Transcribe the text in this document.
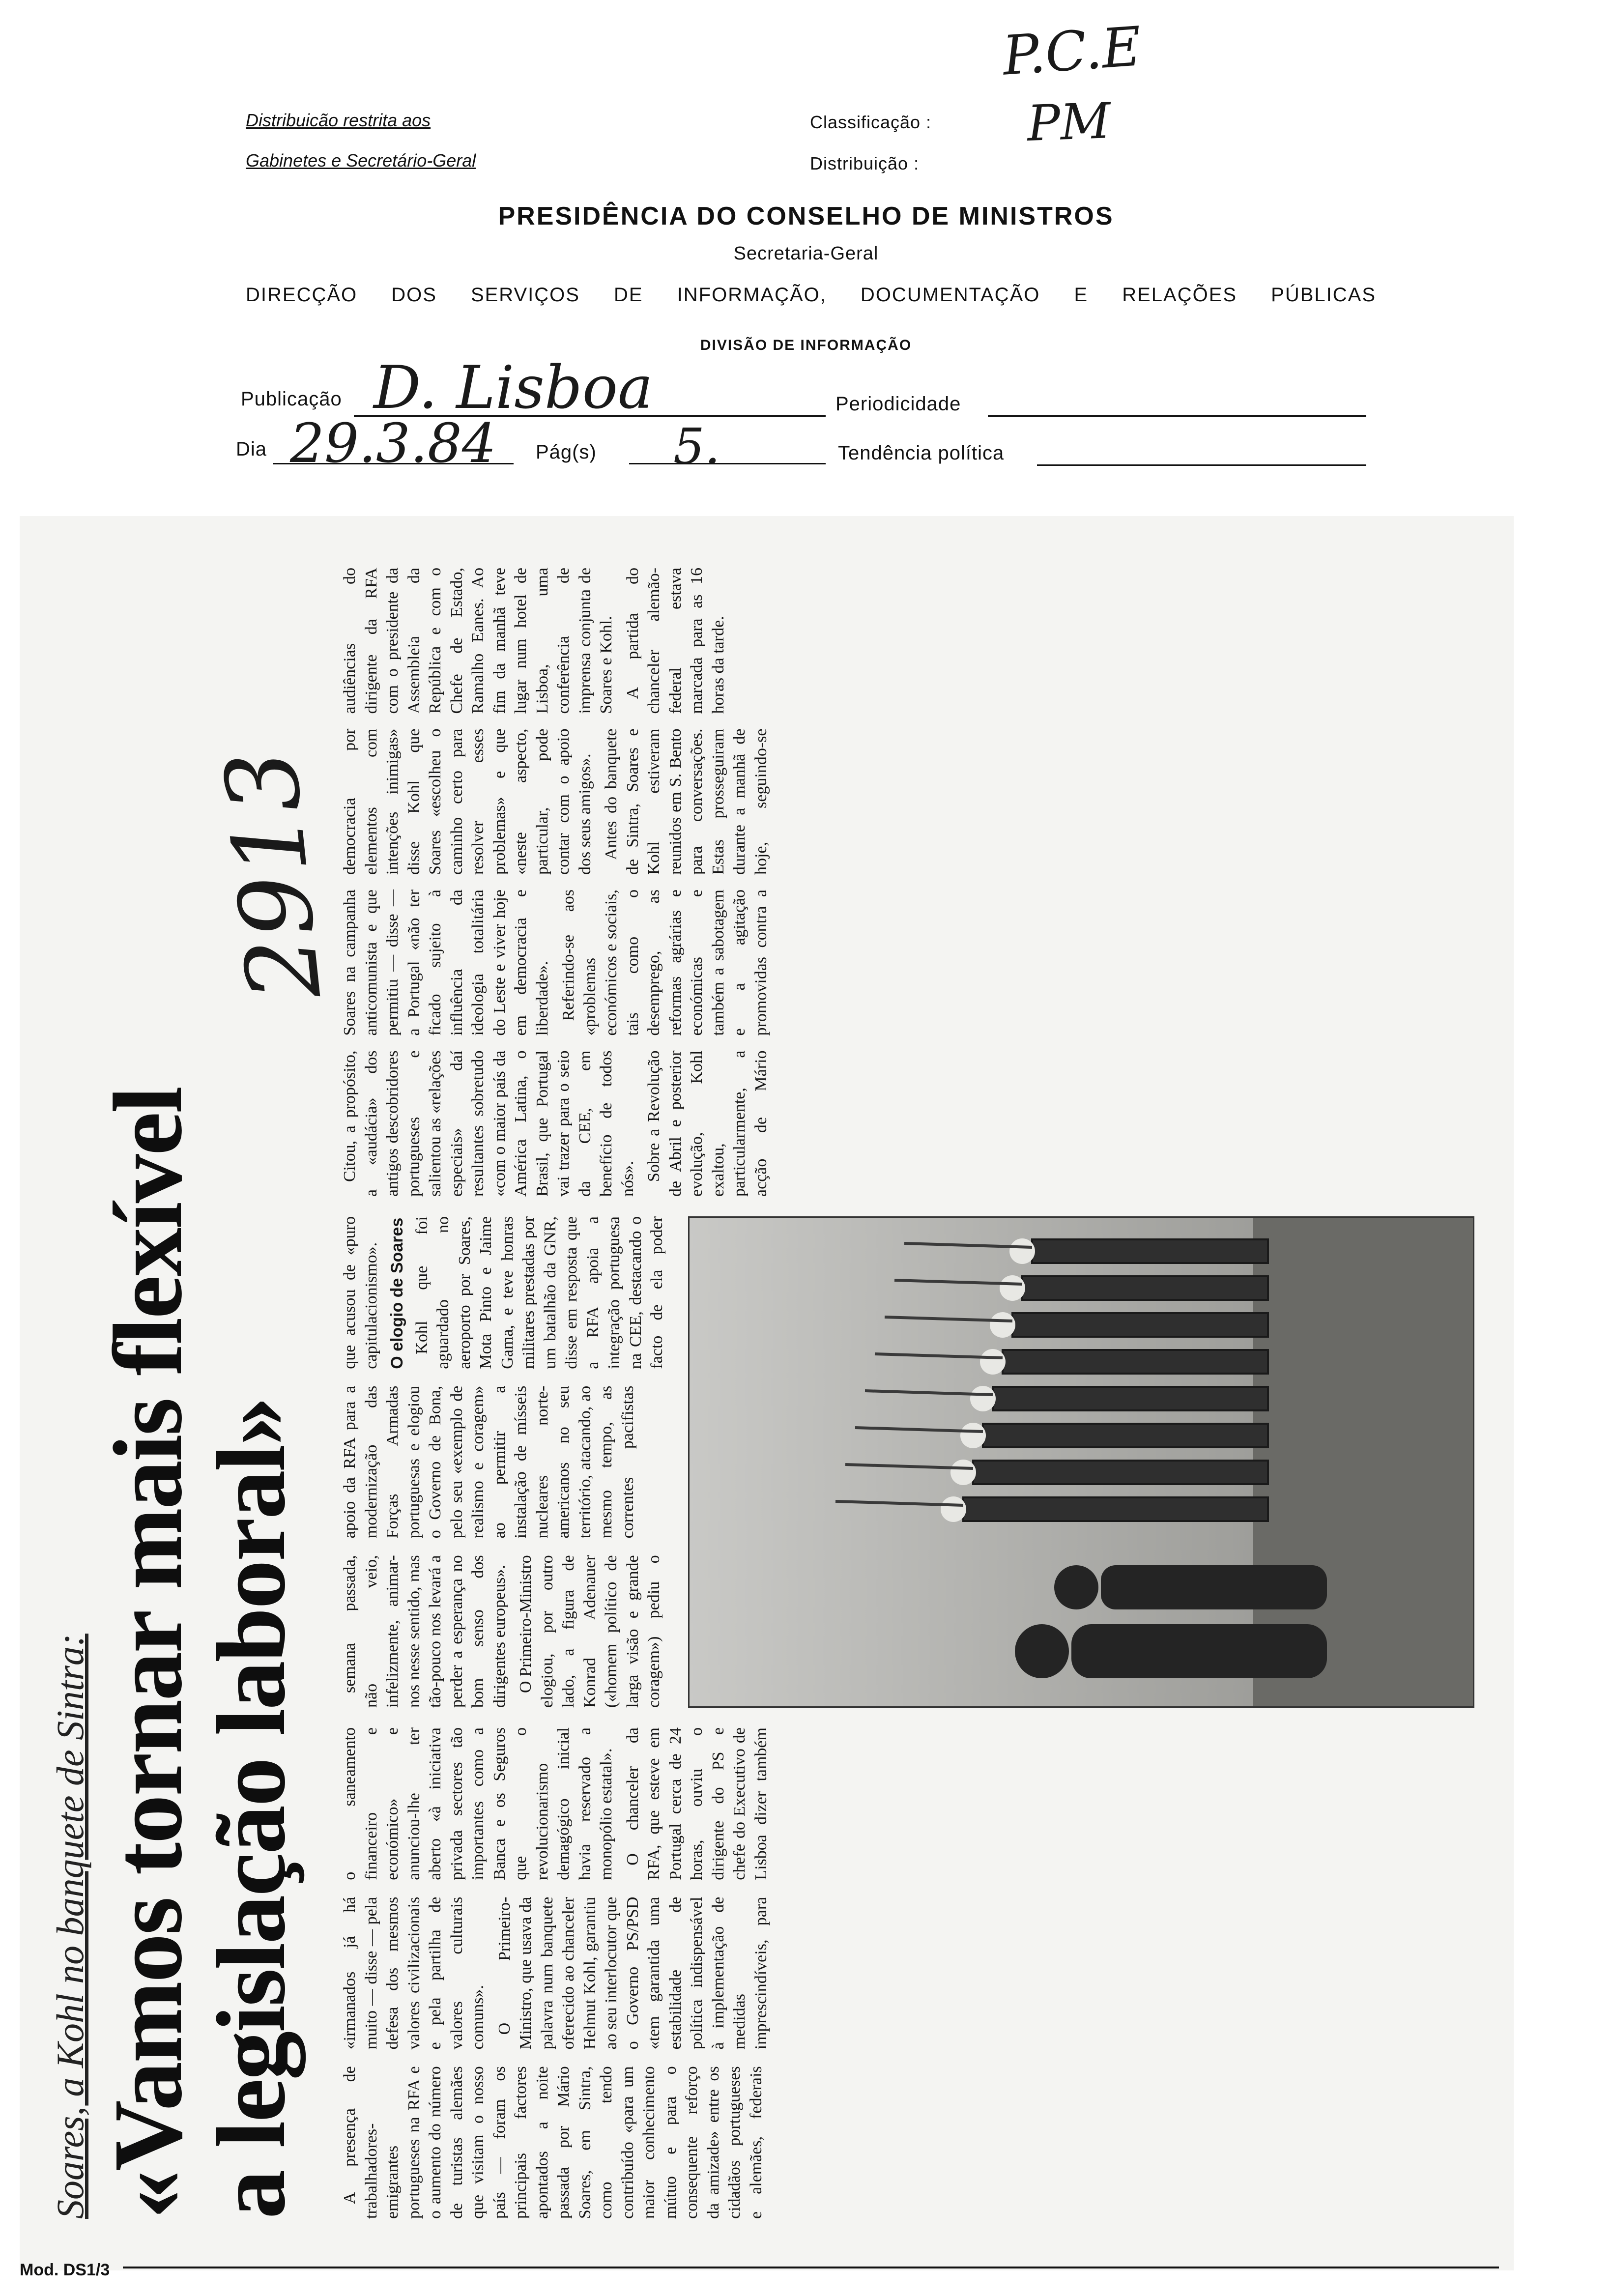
Distribuicão restrita aos
Gabinetes e Secretário-Geral
Classificação :
Distribuição :
P.C.E
PM
PRESIDÊNCIA DO CONSELHO DE MINISTROS
Secretaria-Geral
DIRECÇÃO DOS SERVIÇOS DE INFORMAÇÃO, DOCUMENTAÇÃO E RELAÇÕES PÚBLICAS
DIVISÃO DE INFORMAÇÃO
Publicação D. Lisboa	Periodicidade
Dia 29.3.84 Pág(s) 5.	Tendência política
Soares, a Kohl no banquete de Sintra: «Vamos tornar mais flexível
a legislação laboral»
2913

A presença de trabalhadores-emigrantes portugueses na RFA e o aumento do número de turistas alemães que visitam o nosso país — foram os principais factores apontados a noite passada por Mário Soares, em Sintra, como tendo contribuído «para um maior conhecimento mútuo e para o consequente reforço da amizade» entre os cidadãos portugueses e alemães, federais «irmanados já há muito — disse — pela defesa dos mesmos valores civilizacionais e pela partilha de valores culturais comuns». O Primeiro-Ministro, que usava da palavra num banquete oferecido ao chanceler Helmut Kohl, garantiu ao seu interlocutor que o Governo PS/PSD «tem garantida uma estabilidade de política indispensável à implementação de medidas imprescindíveis, para o saneamento financeiro e económico» e anunciou-lhe ter aberto «à iniciativa privada sectores tão importantes como a Banca e os Seguros que o revolucionarismo demagógico inicial havia reservado a monopólio estatal». O chanceler da RFA, que esteve em Portugal cerca de 24 horas, ouviu o dirigente do PS e chefe do Executivo de Lisboa dizer também

semana passada, não veio, infelizmente, animar-nos nesse sentido, mas tão-pouco nos levará a perder a esperança no bom senso dos dirigentes europeus». O Primeiro-Ministro elogiou, por outro lado, a figura de Konrad Adenauer («homem político de larga visão e grande coragem») pediu o apoio da RFA para a modernização das Forças Armadas portuguesas e elogiou o Governo de Bona, pelo seu «exemplo de realismo e coragem» ao permitir a instalação de mísseis nucleares norte-americanos no seu território, atacando, ao mesmo tempo, as correntes pacifistas que acusou de «puro capitulacionismo». O elogio de Soares Kohl que foi aguardado no aeroporto por Soares, Mota Pinto e Jaime Gama, e teve honras militares prestadas por um batalhão da GNR, disse em resposta que a RFA apoia a integração portuguesa na CEE, destacando o facto de ela poder

Citou, a propósito, a «audácia» dos antigos descobridores portugueses e salientou as «relações especiais» daí resultantes sobretudo «com o maior país da América Latina, o Brasil, que Portugal vai trazer para o seio da CEE, em benefício de todos nós». Sobre a Revolução de Abril e posterior evolução, Kohl exaltou, particularmente, a acção de Mário Soares na campanha anticomunista e que permitiu — disse — a Portugal «não ter ficado sujeito à influência da ideologia totalitária do Leste e viver hoje em democracia e liberdade». Referindo-se aos «problemas económicos e sociais, tais como o desemprego, as reformas agrárias e económicas e também a sabotagem e a agitação promovidas contra a democracia por elementos com intenções inimigas» disse Kohl que Soares «escolheu o caminho certo para resolver esses problemas» e que «neste aspecto, particular, pode contar com o apoio dos seus amigos». Antes do banquete de Sintra, Soares e Kohl estiveram reunidos em S. Bento para conversações. Estas prosseguiram durante a manhã de hoje, seguindo-se audiências do dirigente da RFA com o presidente da Assembleia da República e com o Chefe de Estado, Ramalho Eanes. Ao fim da manhã teve lugar num hotel de Lisboa, uma conferência de imprensa conjunta de Soares e Kohl. A partida do chanceler alemão-federal estava marcada para as 16 horas da tarde.

Mod. DS1/3
